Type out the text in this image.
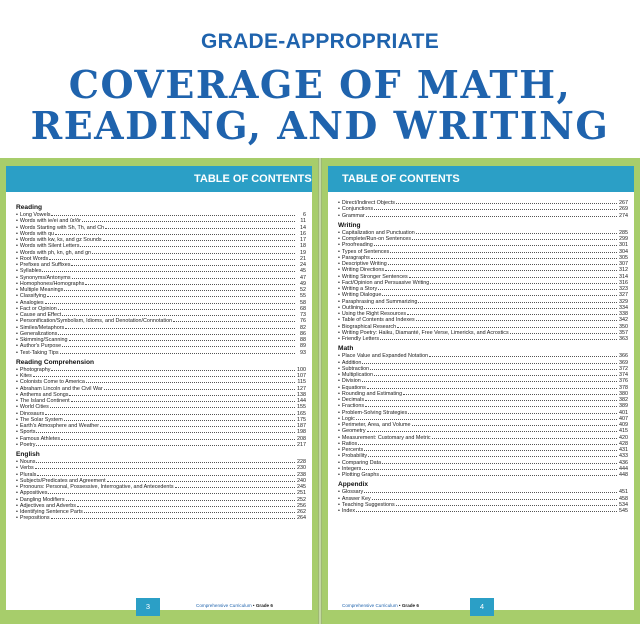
GRADE-APPROPRIATE
COVERAGE OF MATH,
READING, AND WRITING
TABLE OF CONTENTS
Reading
• Long Vowels	6
• Words with ie/ei and ûr/ôr	11
• Words Starting with Sh, Th, and Ch	14
• Words with qu	16
• Words with kw, ks, and gz Sounds	17
• Words with Silent Letters	18
• Words with ph, kn, gh, and gn	19
• Root Words	21
• Prefixes and Suffixes	24
• Syllables	45
• Synonyms/Antonyms	47
• Homophones/Homographs	49
• Multiple Meanings	52
• Classifying	55
• Analogies	58
• Fact or Opinion	68
• Cause and Effect	73
• Personification/Symbolism, Idioms, and Denotation/Connotation	76
• Similes/Metaphors	82
• Generalizations	86
• Skimming/Scanning	88
• Author's Purpose	89
• Test-Taking Tips	93
Reading Comprehension
• Photography	100
• Kites	107
• Colonists Come to America	115
• Abraham Lincoln and the Civil War	127
• Anthems and Songs	138
• The Island Continent	144
• World Cities	155
• Dinosaurs	165
• The Solar System	175
• Earth's Atmosphere and Weather	187
• Sports	198
• Famous Athletes	208
• Poetry	217
English
• Nouns	228
• Verbs	230
• Plurals	238
• Subjects/Predicates and Agreement	240
• Pronouns: Personal, Possessive, Interrogative, and Antecedents	245
• Appositives	251
• Dangling Modifiers	252
• Adjectives and Adverbs	256
• Identifying Sentence Parts	262
• Prepositions	264
3	Comprehensive Curriculum • Grade 6
TABLE OF CONTENTS
• Direct/Indirect Objects	267
• Conjunctions	269
• Grammar	274
Writing
• Capitalization and Punctuation	285
• Complete/Run-on Sentences	299
• Proofreading	301
• Types of Sentences	304
• Paragraphs	305
• Descriptive Writing	307
• Writing Directions	312
• Writing Stronger Sentences	314
• Fact/Opinion and Persuasive Writing	316
• Writing a Story	323
• Writing Dialogue	327
• Paraphrasing and Summarizing	329
• Outlining	334
• Using the Right Resources	338
• Table of Contents and Indexes	342
• Biographical Research	350
• Writing Poetry: Haiku, Diamanté, Free Verse, Limericks, and Acrostics	357
• Friendly Letters	363
Math
• Place Value and Expanded Notation	366
• Addition	369
• Subtraction	372
• Multiplication	374
• Division	376
• Equations	378
• Rounding and Estimating	380
• Decimals	382
• Fractions	389
• Problem-Solving Strategies	401
• Logic	407
• Perimeter, Area, and Volume	409
• Geometry	415
• Measurement: Customary and Metric	420
• Ratios	428
• Percents	431
• Probability	433
• Comparing Data	436
• Integers	444
• Plotting Graphs	448
Appendix
• Glossary	451
• Answer Key	458
• Teaching Suggestions	534
• Index	545
Comprehensive Curriculum • Grade 6	4
